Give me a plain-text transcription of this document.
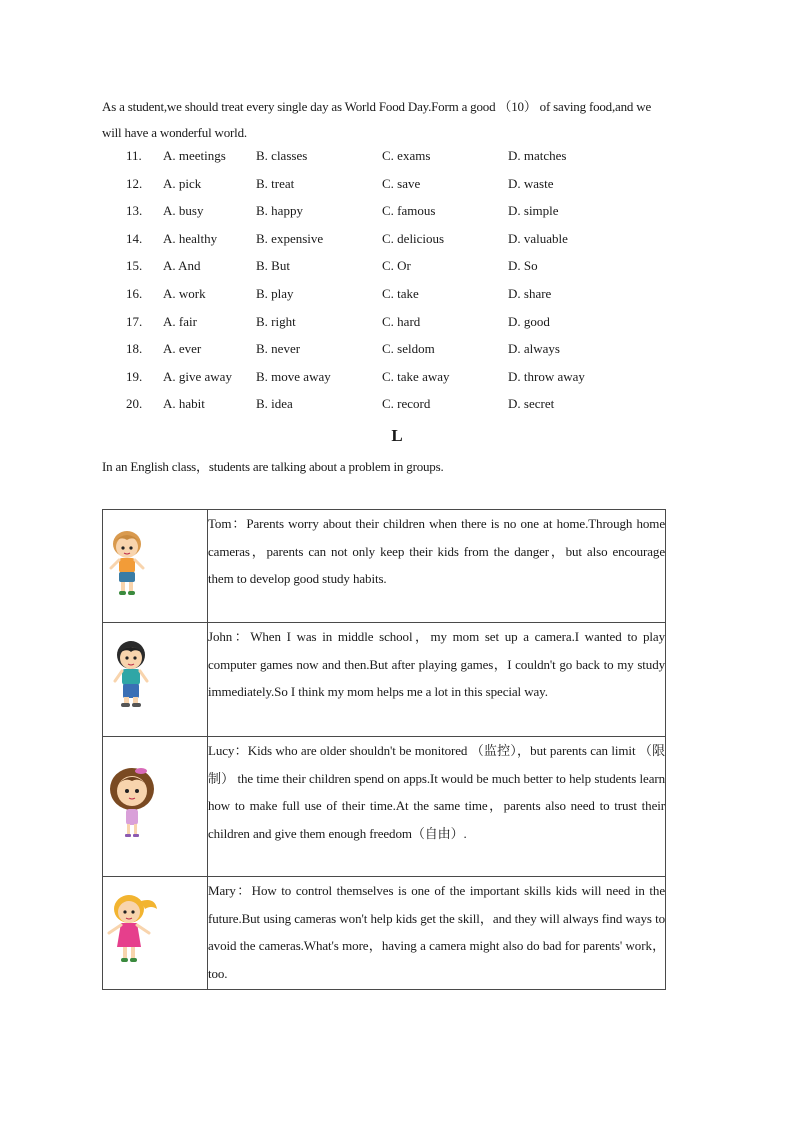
As a student,we should treat every single day as World Food Day.Form a good （10） of saving food,and we will have a wonderful world.

11. A. meetings B. classes	C. exams	D. matches
12. A. pick	B. treat	C. save	D. waste
13. A. busy	B. happy	C. famous	D. simple
14. A. healthy	B. expensive	C. delicious	D. valuable
15. A. And	B. But	C. Or	D. So
16. A. work	B. play	C. take	D. share
17. A. fair	B. right	C. hard	D. good
18. A. ever	B. never	C. seldom	D. always
19. A. give away B. move away	C. take away	D. throw away
20. A. habit	B. idea	C. record	D. secret
L
In an English class，students are talking about a problem in groups.
	Tom：Parents worry about their children when there is no one at home.Through home cameras，parents can not only keep their kids from the danger，but also encourage them to develop good study habits.

	John：When I was in middle school，my mom set up a camera.I wanted to play computer games now and then.But after playing games，I couldn't go back to my study immediately.So I think my mom helps me a lot in this special way.

	Lucy：Kids who are older shouldn't be monitored （监控），but parents can limit （限制） the time their children spend on apps.It would be much better to help students learn how to make full use of their time.At the same time，parents also need to trust their children and give them enough freedom（自由）.

	Mary：How to control themselves is one of the important skills kids will need in the future.But using cameras won't help kids get the skill，and they will always find ways to avoid the cameras.What's more，having a camera might also do bad for parents' work，too.
